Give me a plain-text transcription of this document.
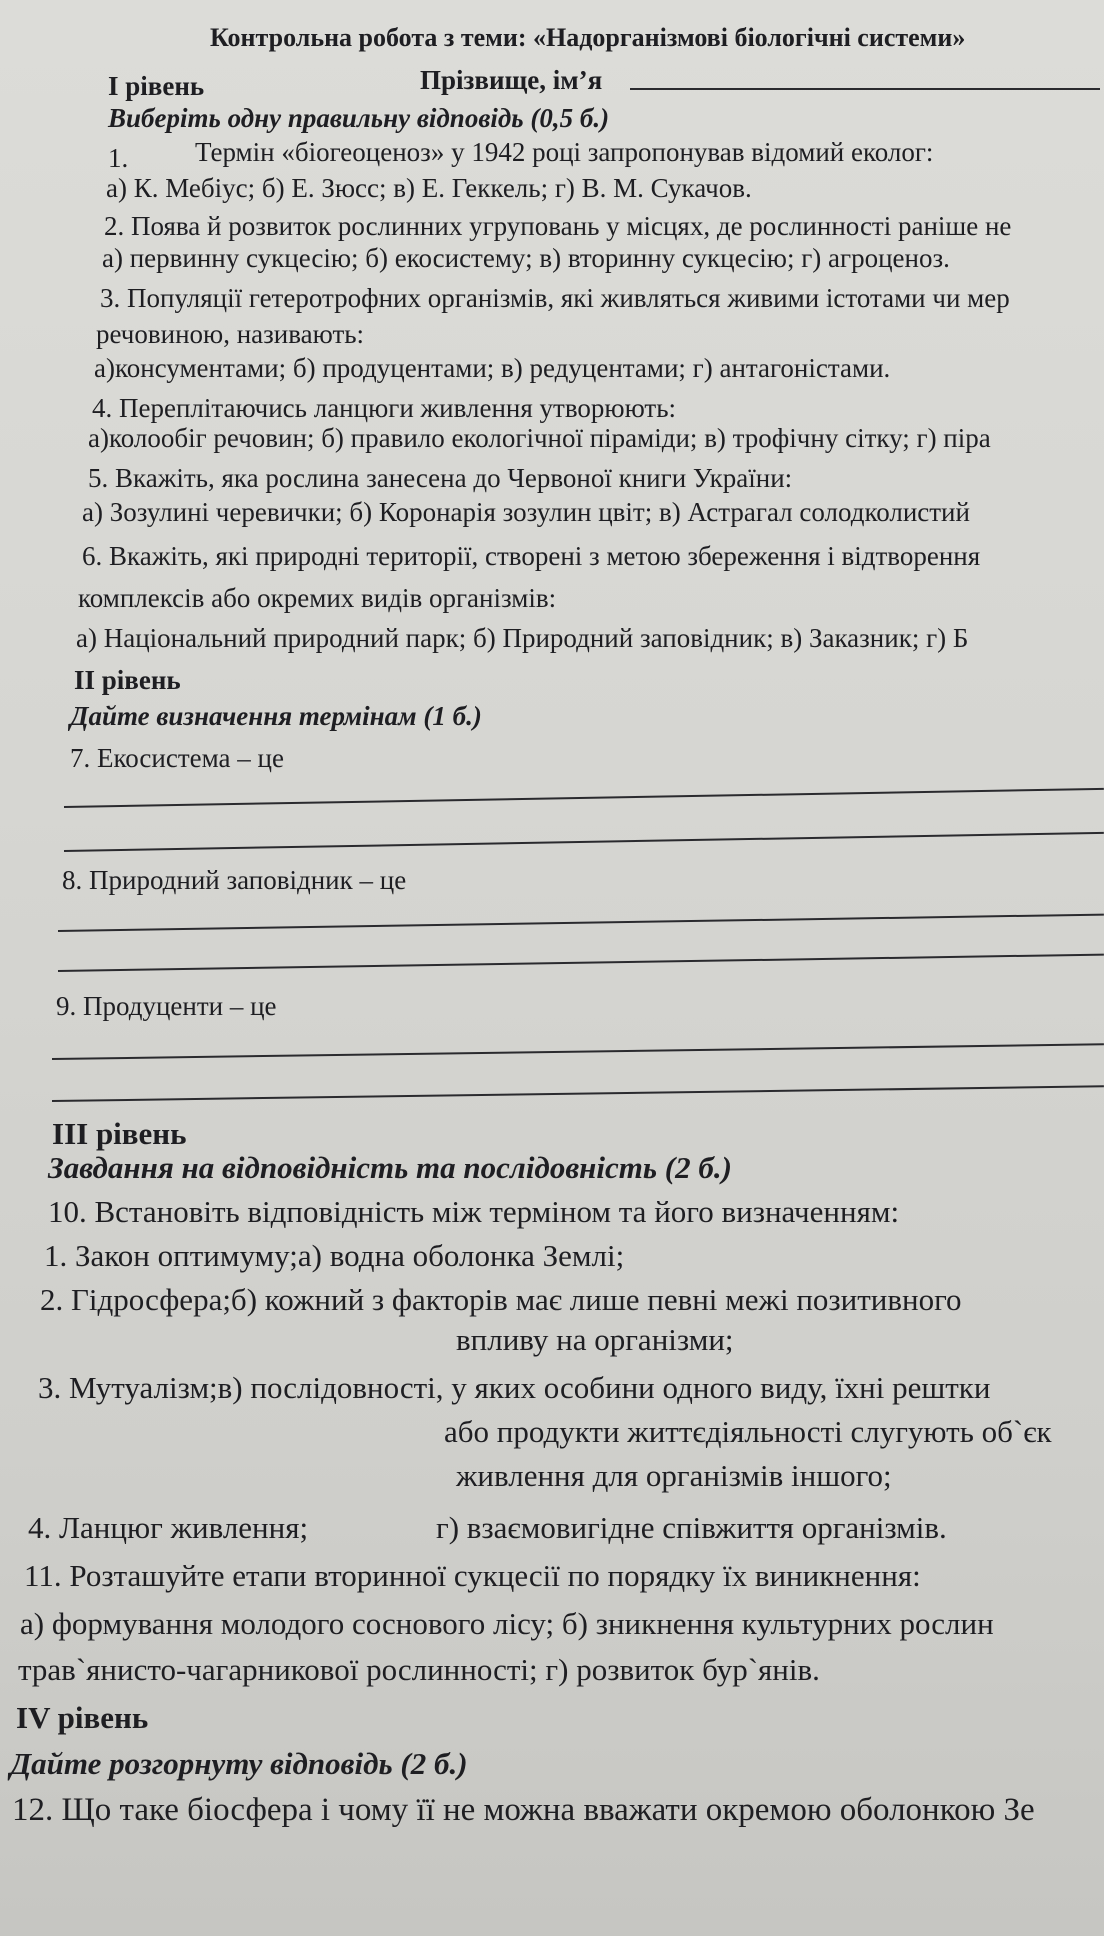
Контрольна робота з теми: «Надорганізмові біологічні системи»
І рівень	Прізвище, ім’я
Виберіть одну правильну відповідь (0,5 б.)
1. Термін «біогеоценоз» у 1942 році запропонував відомий еколог:
а) К. Мебіус; б) Е. Зюсс; в) Е. Геккель; г) В. М. Сукачов.
2. Поява й розвиток рослинних угруповань у місцях, де рослинності раніше не
а) первинну сукцесію; б) екосистему; в) вторинну сукцесію; г) агроценоз.
3. Популяції гетеротрофних організмів, які живляться живими істотами чи мер
речовиною, називають:
а)консументами; б) продуцентами; в) редуцентами; г) антагоністами.
4. Переплітаючись ланцюги живлення утворюють:
а)колообіг речовин; б) правило екологічної піраміди; в) трофічну сітку; г) піра
5. Вкажіть, яка рослина занесена до Червоної книги України:
а) Зозулині черевички; б) Коронарія зозулин цвіт; в) Астрагал солодколистий
6. Вкажіть, які природні території, створені з метою збереження і відтворення
комплексів або окремих видів організмів:
а) Національний природний парк; б) Природний заповідник; в) Заказник; г) Б
ІІ рівень
Дайте визначення термінам (1 б.)
7. Екосистема – це
8. Природний заповідник – це
9. Продуценти – це
ІІІ рівень
Завдання на відповідність та послідовність (2 б.)
10. Встановіть відповідність між терміном та його визначенням:
1. Закон оптимуму;а) водна оболонка Землі;
2. Гідросфера;б) кожний з факторів має лише певні межі позитивного
впливу на організми;
3. Мутуалізм;в) послідовності, у яких особини одного виду, їхні рештки
або продукти життєдіяльності слугують об`єк
живлення для організмів іншого;
4. Ланцюг живлення;	г) взаємовигідне співжиття організмів.
11. Розташуйте етапи вторинної сукцесії по порядку їх виникнення:
а) формування молодого соснового лісу; б) зникнення культурних рослин
трав`янисто-чагарникової рослинності; г) розвиток бур`янів.
IV рівень
Дайте розгорнуту відповідь (2 б.)
12. Що таке біосфера і чому її не можна вважати окремою оболонкою Зе
